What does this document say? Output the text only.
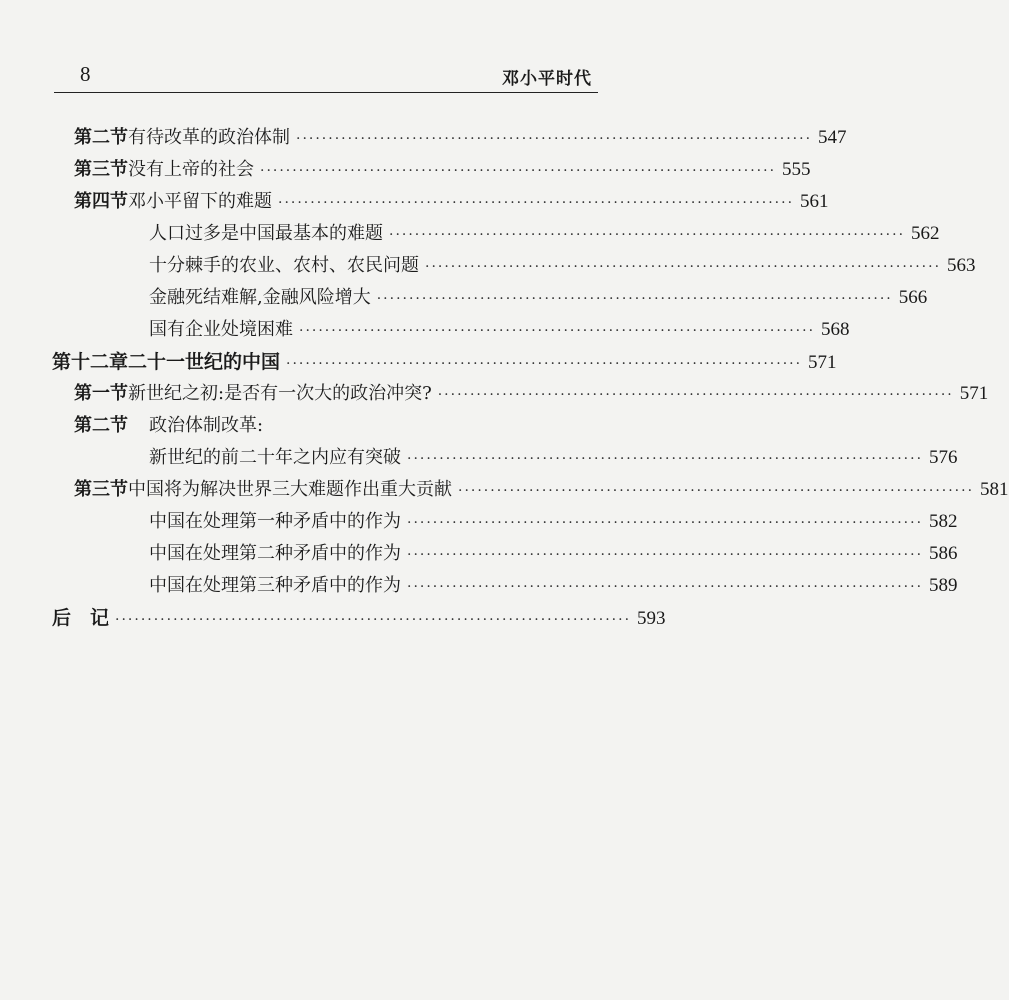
8	邓小平时代
第二节 有待改革的政治体制 ················································································ 547
第三节 没有上帝的社会 ················································································ 555
第四节 邓小平留下的难题 ················································································ 561
人口过多是中国最基本的难题 ················································································ 562
十分棘手的农业、农村、农民问题 ················································································ 563
金融死结难解,金融风险增大 ················································································ 566
国有企业处境困难 ················································································ 568
第十二章 二十一世纪的中国 ················································································ 571
第一节 新世纪之初:是否有一次大的政治冲突? ················································································ 571
第二节	政治体制改革:
新世纪的前二十年之内应有突破 ················································································ 576
第三节 中国将为解决世界三大难题作出重大贡献 ················································································ 581
中国在处理第一种矛盾中的作为 ················································································ 582
中国在处理第二种矛盾中的作为 ················································································ 586
中国在处理第三种矛盾中的作为 ················································································ 589
后　记 ················································································ 593
